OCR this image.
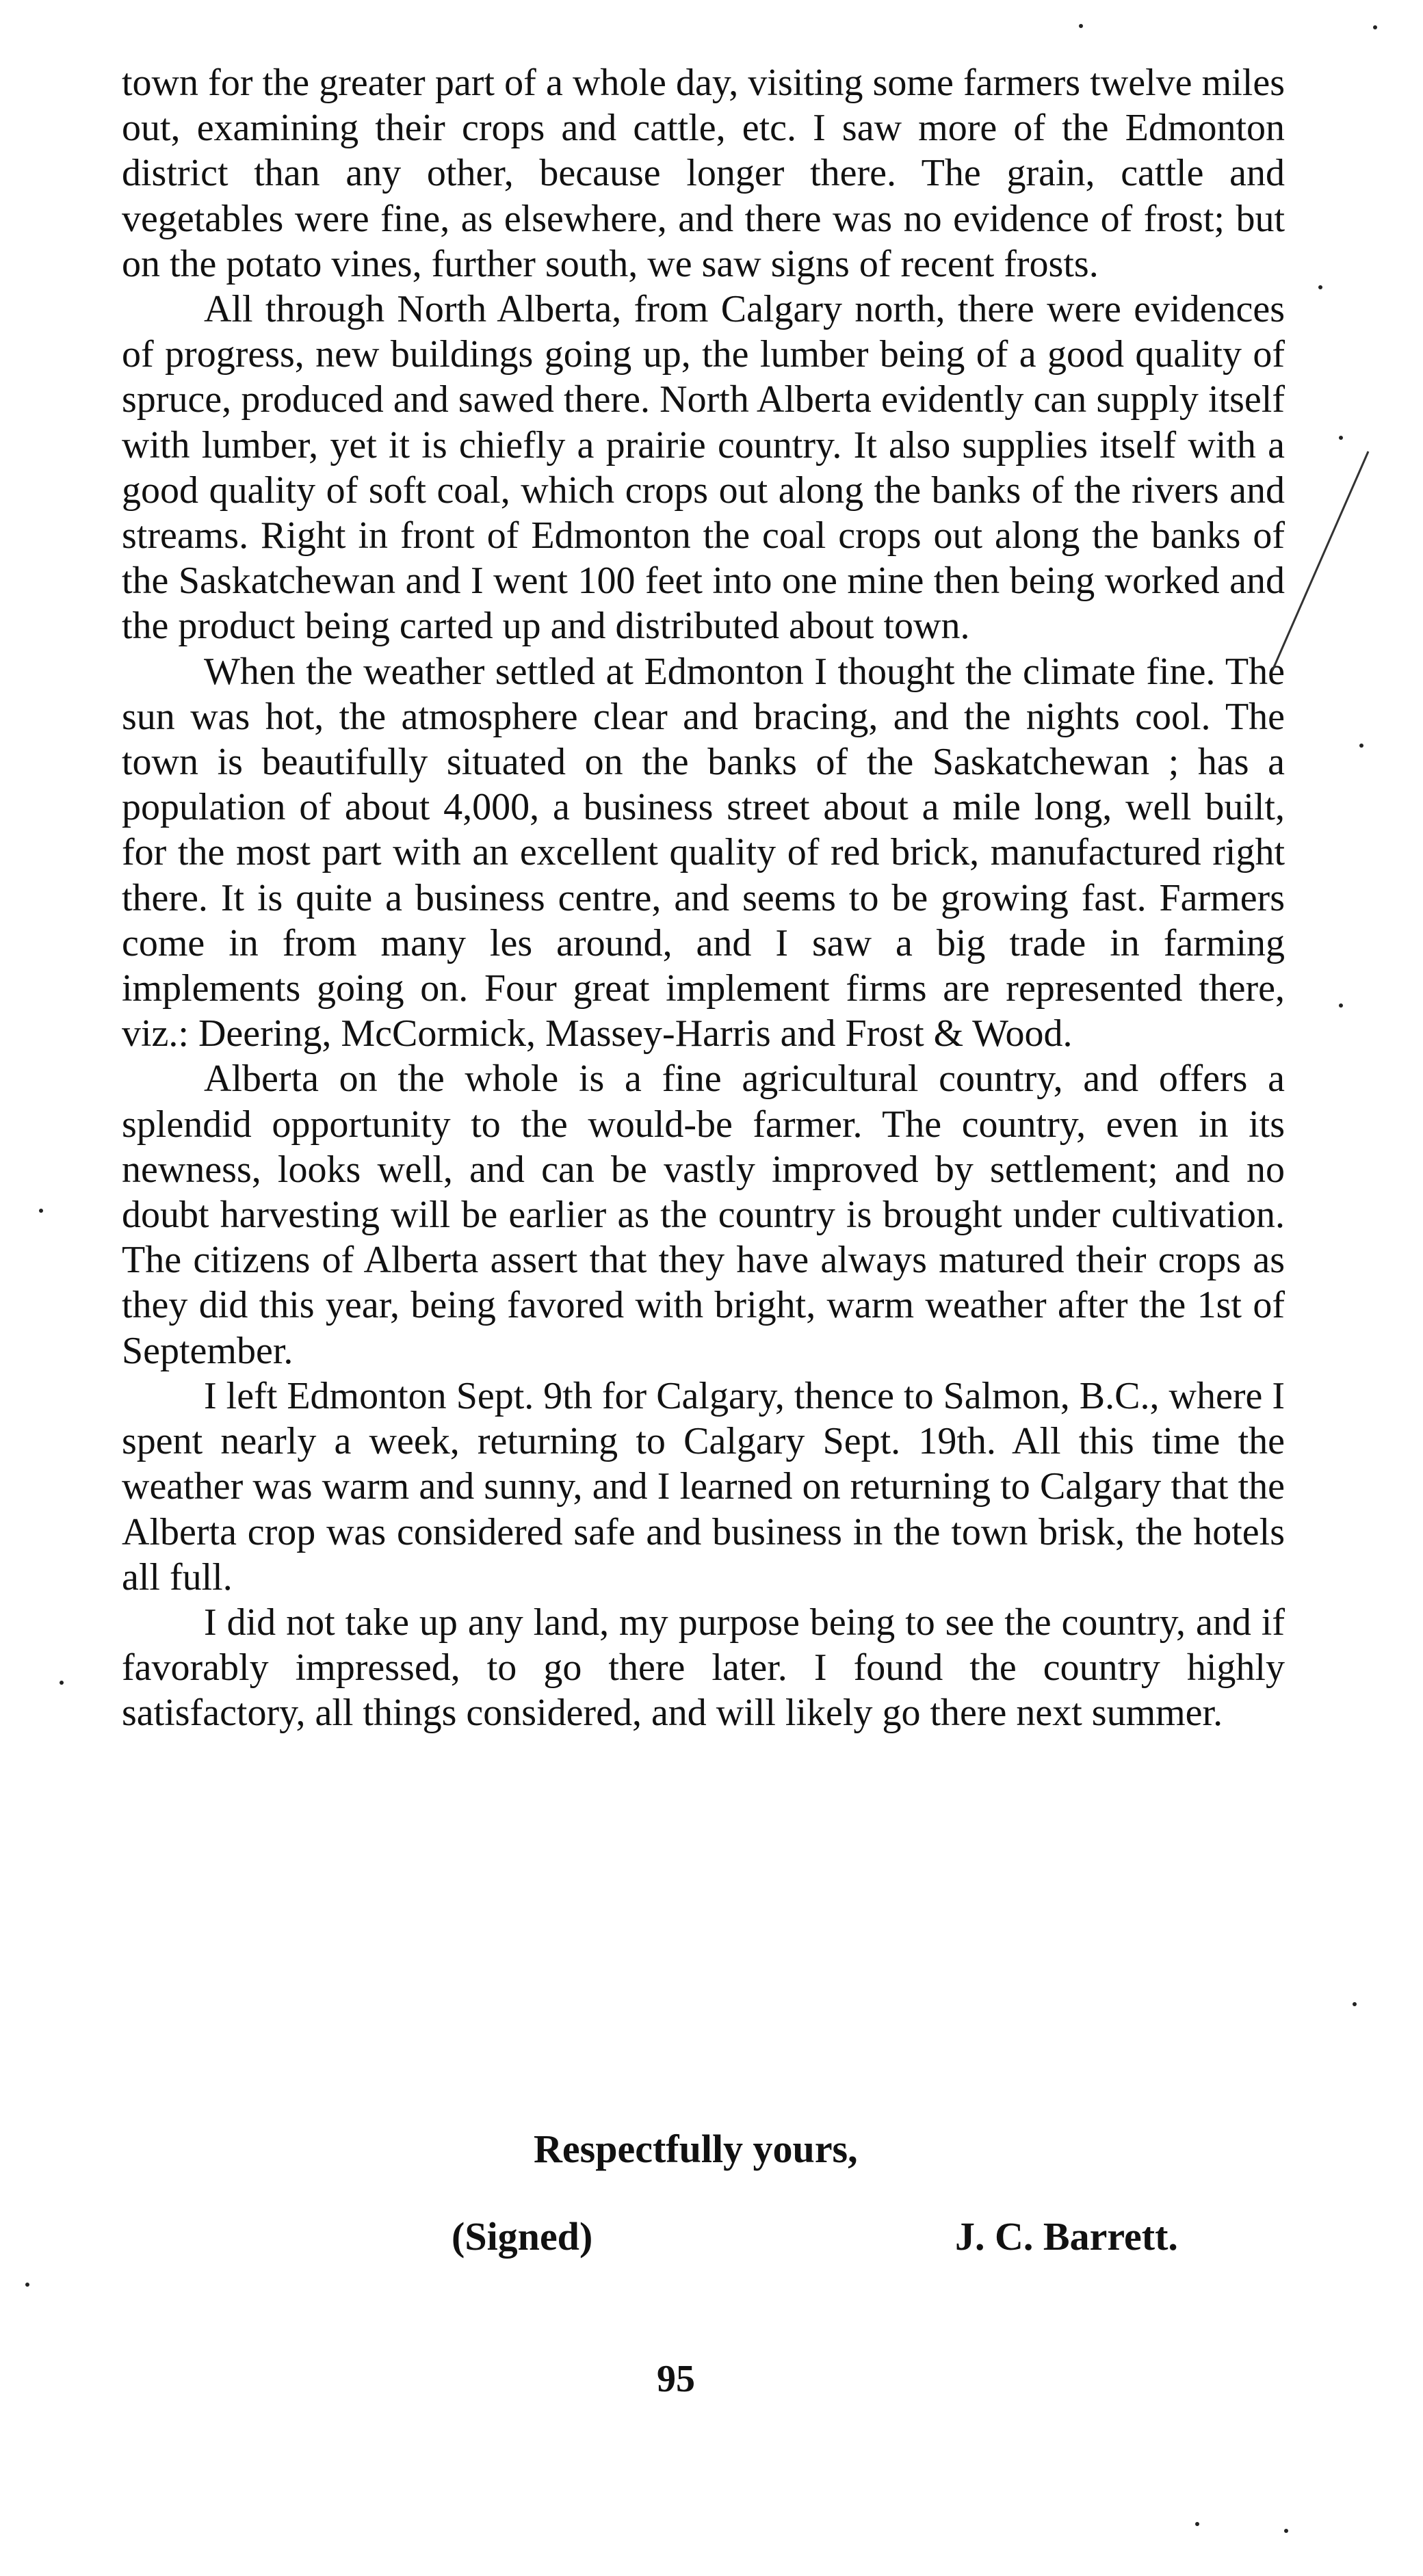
town for the greater part of a whole day, visiting some farmers twelve miles out, examining their crops and cattle, etc. I saw more of the Edmonton district than any other, because longer there. The grain, cattle and vegetables were fine, as elsewhere, and there was no evidence of frost; but on the potato vines, further south, we saw signs of recent frosts.

All through North Alberta, from Calgary north, there were evidences of progress, new buildings going up, the lumber being of a good quality of spruce, produced and sawed there. North Alberta evidently can supply itself with lumber, yet it is chiefly a prairie country. It also supplies itself with a good quality of soft coal, which crops out along the banks of the rivers and streams. Right in front of Edmonton the coal crops out along the banks of the Saskatchewan and I went 100 feet into one mine then being worked and the product being carted up and distributed about town.

When the weather settled at Edmonton I thought the climate fine. The sun was hot, the atmosphere clear and bracing, and the nights cool. The town is beautifully situated on the banks of the Saskatchewan ; has a population of about 4,000, a business street about a mile long, well built, for the most part with an excellent quality of red brick, manufactured right there. It is quite a business centre, and seems to be growing fast. Farmers come in from many les around, and I saw a big trade in farming implements going on. Four great implement firms are represented there, viz.: Deering, McCormick, Massey-Harris and Frost & Wood.

Alberta on the whole is a fine agricultural country, and offers a splendid opportunity to the would-be farmer. The country, even in its newness, looks well, and can be vastly improved by settlement; and no doubt harvesting will be earlier as the country is brought under cultivation. The citizens of Alberta assert that they have always matured their crops as they did this year, being favored with bright, warm weather after the 1st of September.

I left Edmonton Sept. 9th for Calgary, thence to Salmon, B.C., where I spent nearly a week, returning to Calgary Sept. 19th. All this time the weather was warm and sunny, and I learned on returning to Calgary that the Alberta crop was considered safe and business in the town brisk, the hotels all full.

I did not take up any land, my purpose being to see the country, and if favorably impressed, to go there later. I found the country highly satisfactory, all things considered, and will likely go there next summer.

Respectfully yours,
(Signed)	J. C. Barrett.
95
